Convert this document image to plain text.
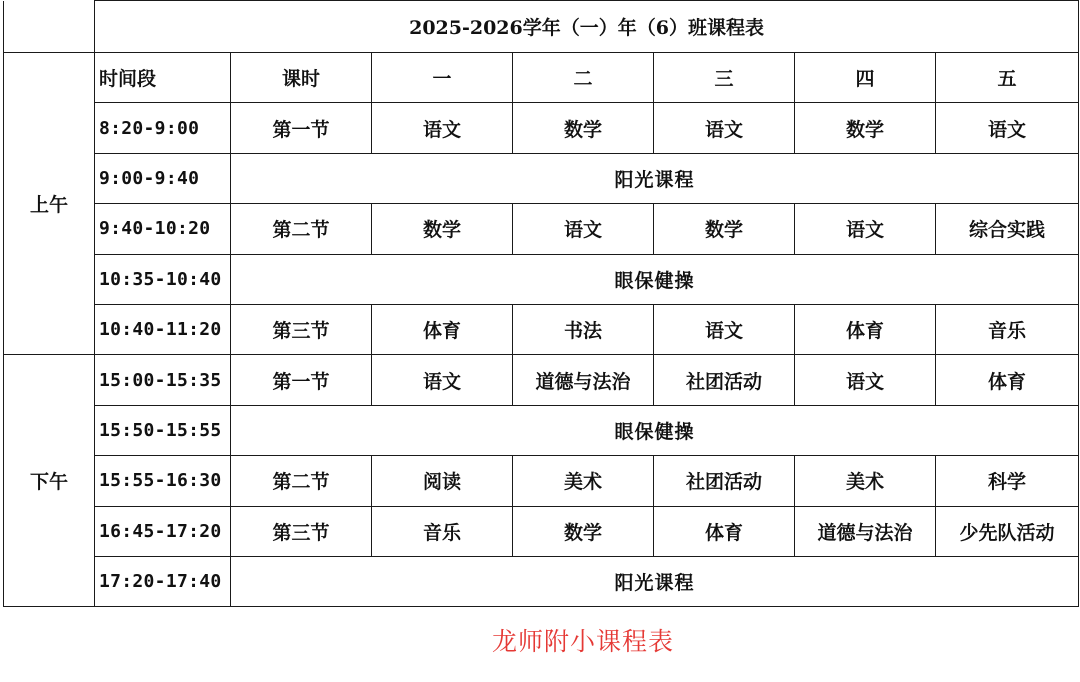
	2025-2026学年（一）年（6）班课程表						
上午	时间段	课时	一	二	三	四	五
	8:20-9:00	第一节	语文	数学	语文	数学	语文
	9:00-9:40	阳光课程					
	9:40-10:20	第二节	数学	语文	数学	语文	综合实践
	10:35-10:40	眼保健操					
	10:40-11:20	第三节	体育	书法	语文	体育	音乐
下午	15:00-15:35	第一节	语文	道德与法治	社团活动	语文	体育
	15:50-15:55	眼保健操					
	15:55-16:30	第二节	阅读	美术	社团活动	美术	科学
	16:45-17:20	第三节	音乐	数学	体育	道德与法治	少先队活动
	17:20-17:40	阳光课程					
龙师附小课程表
